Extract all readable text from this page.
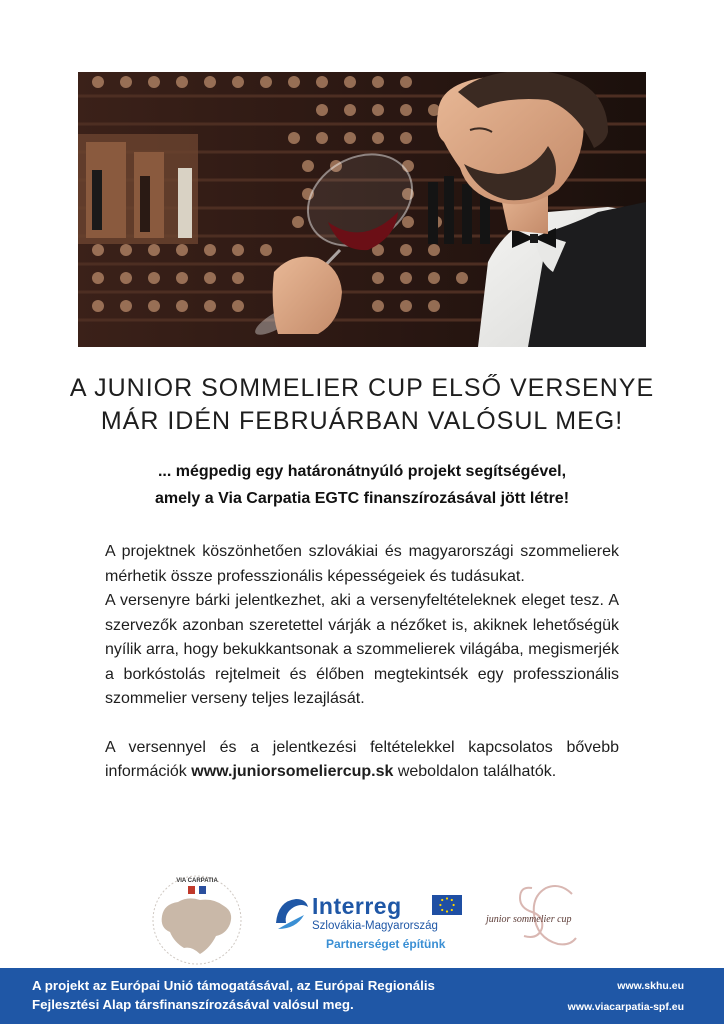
A JUNIOR SOMMELIER CUP ELSŐ VERSENYE
MÁR IDÉN FEBRUÁRBAN VALÓSUL MEG!
... mégpedig egy határonátnyúló projekt segítségével,
amely a Via Carpatia EGTC finanszírozásával jött létre!

A projektnek köszönhetően szlovákiai és magyarországi szommelierek mérhetik össze professzionális képességeiek és tudásukat.

A versenyre bárki jelentkezhet, aki a versenyfeltételeknek eleget tesz. A szervezők azonban szeretettel várják a nézőket is, akiknek lehetőségük nyílik arra, hogy bekukkantsonak a szommelierek világába, megismerjék a borkóstolás rejtelmeit és élőben megtekintsék egy professzionális szommelier verseny teljes lezajlását.

A versennyel és a jelentkezési feltételekkel kapcsolatos bővebb információk www.juniorsomeliercup.sk weboldalon találhatók.

VIA CARPATIA
Interreg
Szlovákia-Magyarország
Partnerséget építünk
junior sommelier cup
A projekt az Európai Unió támogatásával, az Európai Regionális Fejlesztési Alap társfinanszírozásával valósul meg.
www.skhu.eu
www.viacarpatia-spf.eu
